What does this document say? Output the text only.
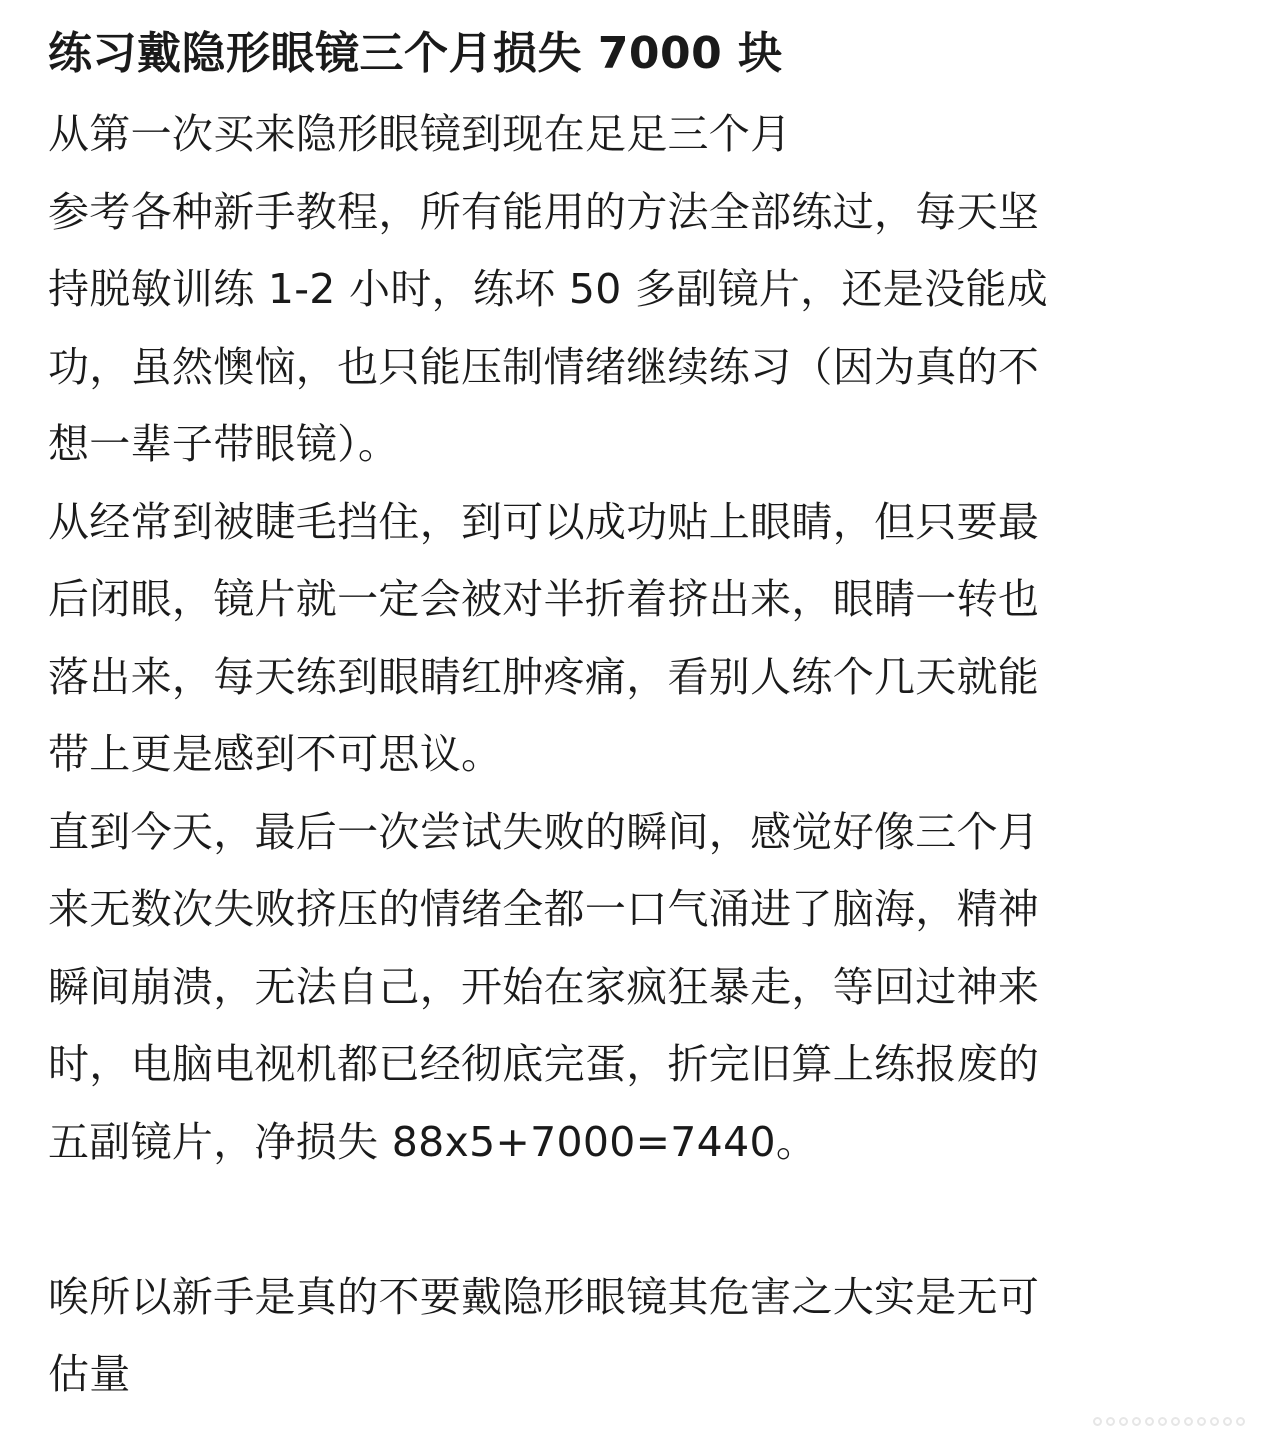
练习戴隐形眼镜三个月损失 7000 块
从第一次买来隐形眼镜到现在足足三个月
参考各种新手教程，所有能用的方法全部练过，每天坚
持脱敏训练 1-2 小时，练坏 50 多副镜片，还是没能成
功，虽然懊恼，也只能压制情绪继续练习（因为真的不
想一辈子带眼镜）。
从经常到被睫毛挡住，到可以成功贴上眼睛，但只要最
后闭眼，镜片就一定会被对半折着挤出来，眼睛一转也
落出来，每天练到眼睛红肿疼痛，看别人练个几天就能
带上更是感到不可思议。
直到今天，最后一次尝试失败的瞬间，感觉好像三个月
来无数次失败挤压的情绪全都一口气涌进了脑海，精神
瞬间崩溃，无法自己，开始在家疯狂暴走，等回过神来
时，电脑电视机都已经彻底完蛋，折完旧算上练报废的
五副镜片，净损失 88x5+7000=7440。
唉所以新手是真的不要戴隐形眼镜其危害之大实是无可
估量
